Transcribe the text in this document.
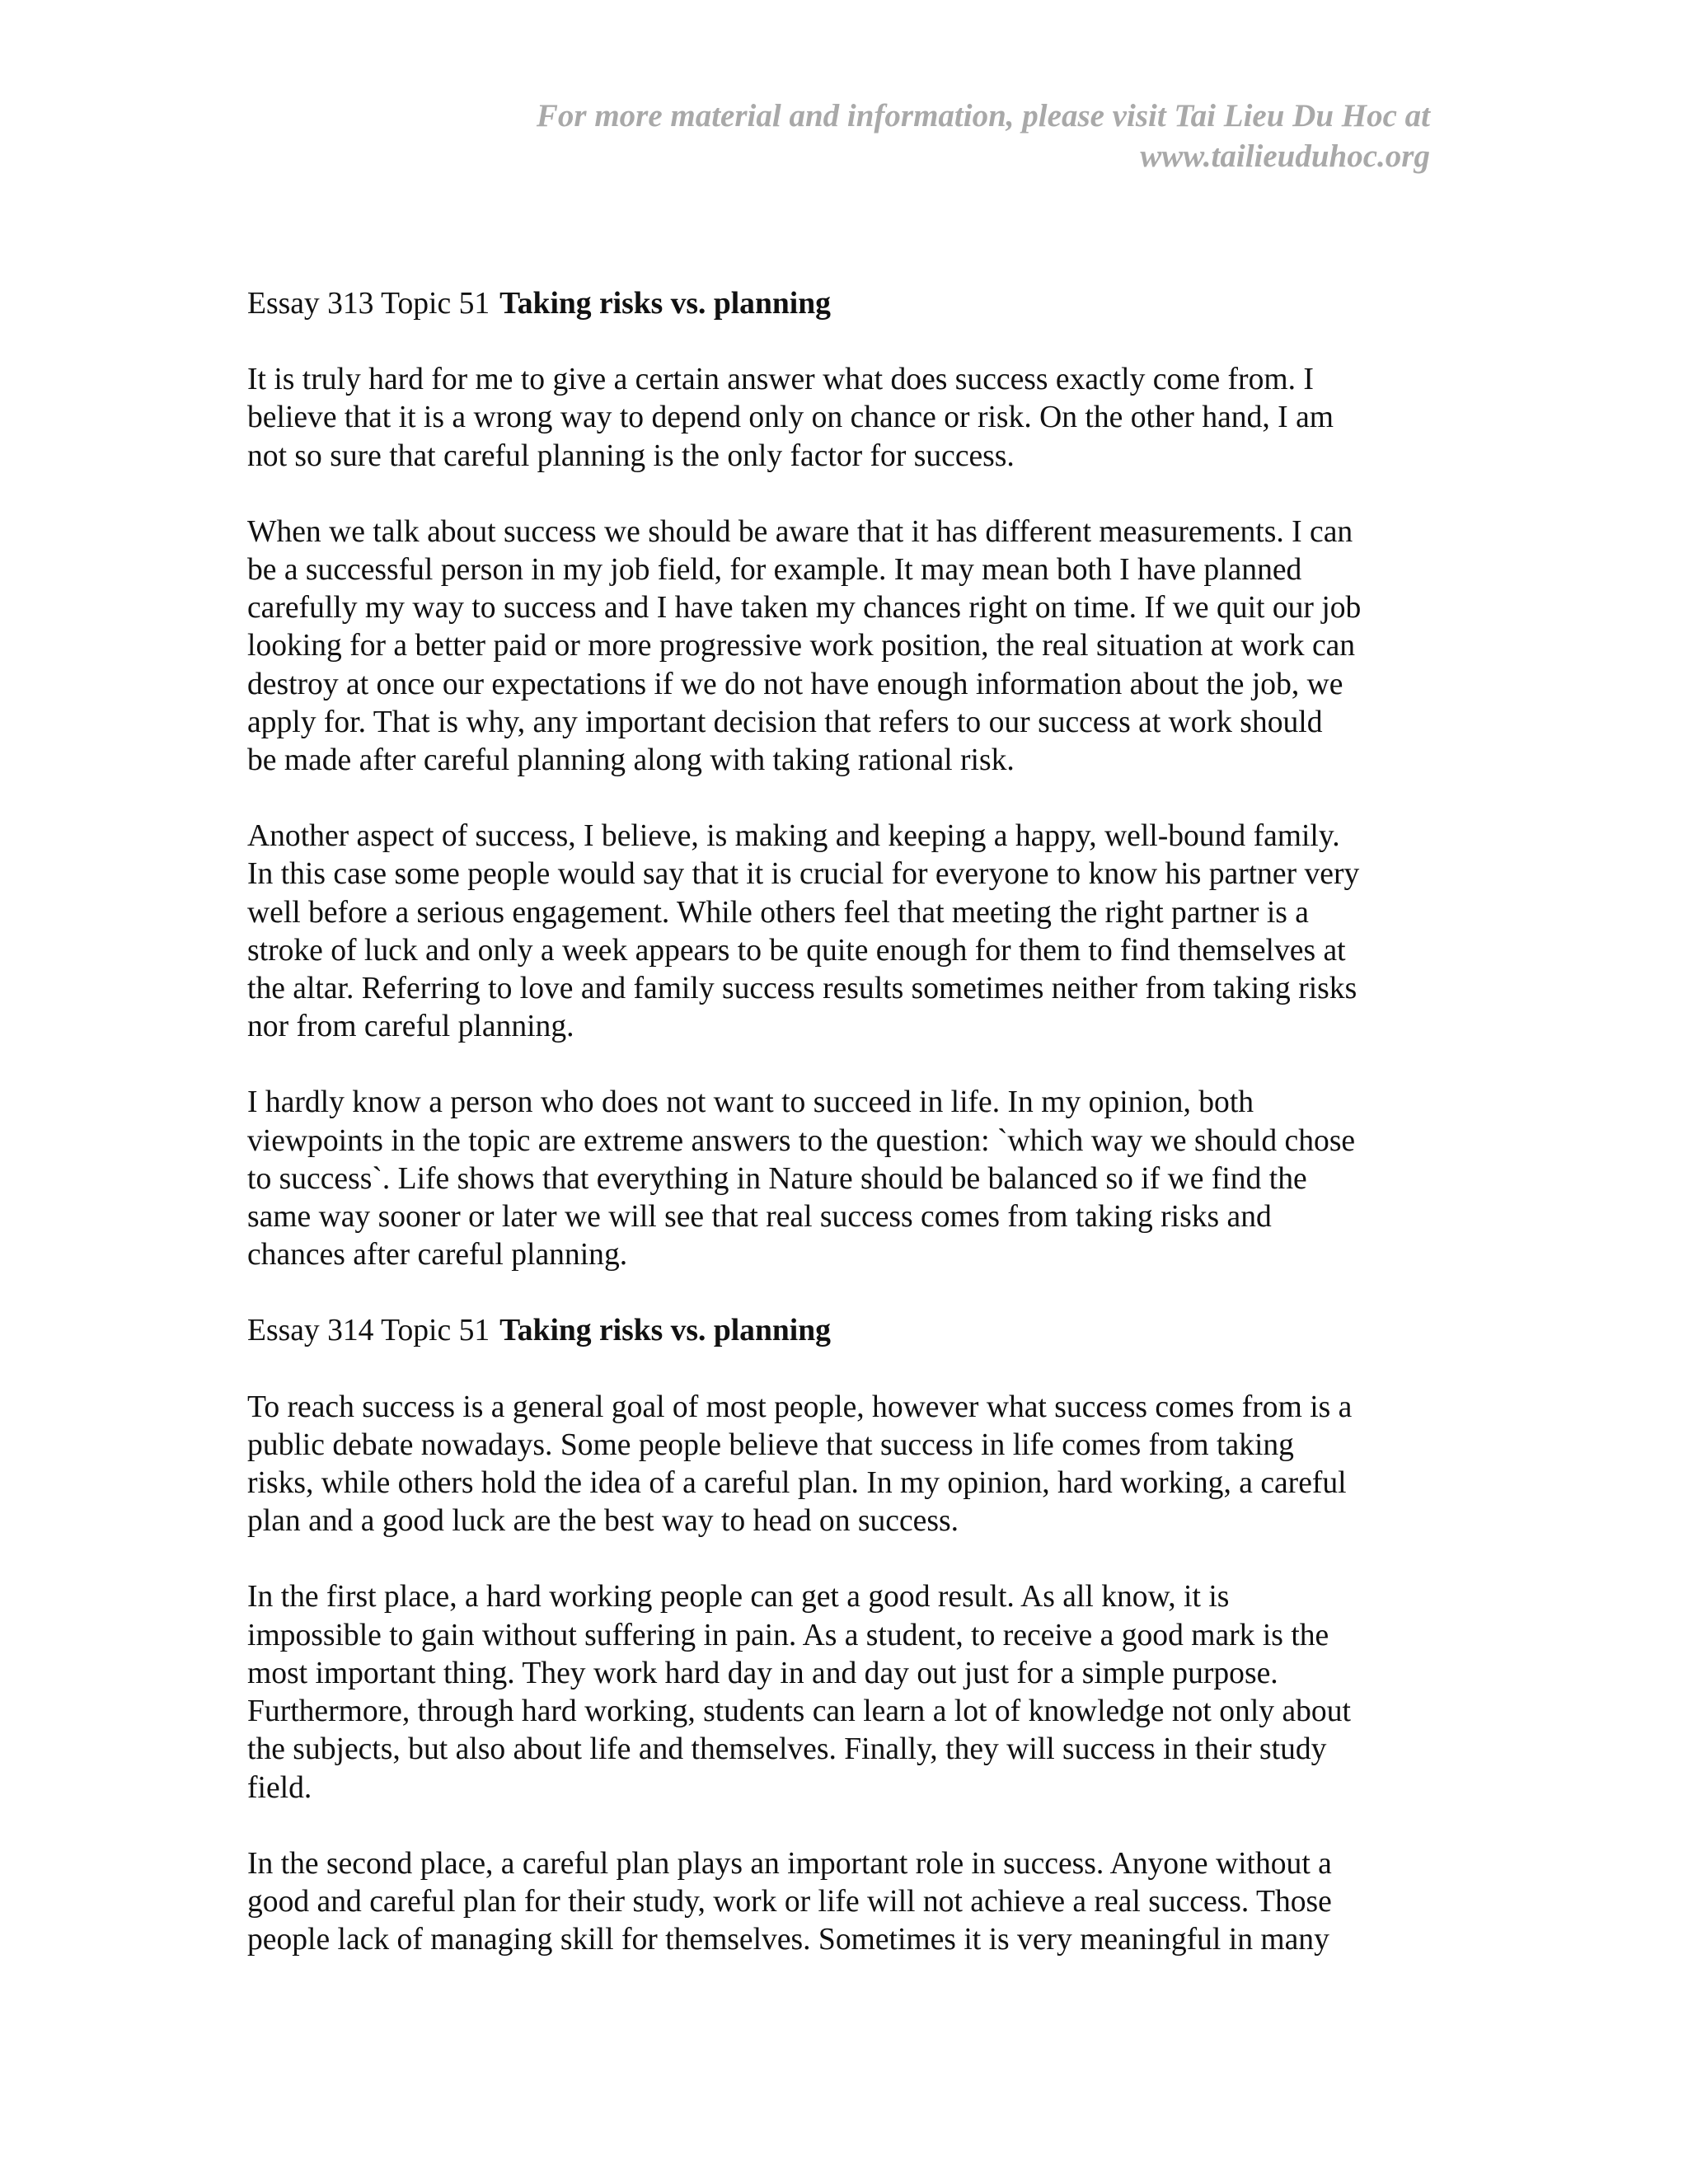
For more material and information, please visit Tai Lieu Du Hoc at
www.tailieuduhoc.org

Essay 313 Topic 51 Taking risks vs. planning

It is truly hard for me to give a certain answer what does success exactly come from. I
believe that it is a wrong way to depend only on chance or risk. On the other hand, I am
not so sure that careful planning is the only factor for success.

When we talk about success we should be aware that it has different measurements. I can
be a successful person in my job field, for example. It may mean both I have planned
carefully my way to success and I have taken my chances right on time. If we quit our job
looking for a better paid or more progressive work position, the real situation at work can
destroy at once our expectations if we do not have enough information about the job, we
apply for. That is why, any important decision that refers to our success at work should
be made after careful planning along with taking rational risk.

Another aspect of success, I believe, is making and keeping a happy, well-bound family.
In this case some people would say that it is crucial for everyone to know his partner very
well before a serious engagement. While others feel that meeting the right partner is a
stroke of luck and only a week appears to be quite enough for them to find themselves at
the altar. Referring to love and family success results sometimes neither from taking risks
nor from careful planning.

I hardly know a person who does not want to succeed in life. In my opinion, both
viewpoints in the topic are extreme answers to the question: `which way we should chose
to success`. Life shows that everything in Nature should be balanced so if we find the
same way sooner or later we will see that real success comes from taking risks and
chances after careful planning.

Essay 314 Topic 51 Taking risks vs. planning

To reach success is a general goal of most people, however what success comes from is a
public debate nowadays. Some people believe that success in life comes from taking
risks, while others hold the idea of a careful plan. In my opinion, hard working, a careful
plan and a good luck are the best way to head on success.

In the first place, a hard working people can get a good result. As all know, it is
impossible to gain without suffering in pain. As a student, to receive a good mark is the
most important thing. They work hard day in and day out just for a simple purpose.
Furthermore, through hard working, students can learn a lot of knowledge not only about
the subjects, but also about life and themselves. Finally, they will success in their study
field.

In the second place, a careful plan plays an important role in success. Anyone without a
good and careful plan for their study, work or life will not achieve a real success. Those
people lack of managing skill for themselves. Sometimes it is very meaningful in many
